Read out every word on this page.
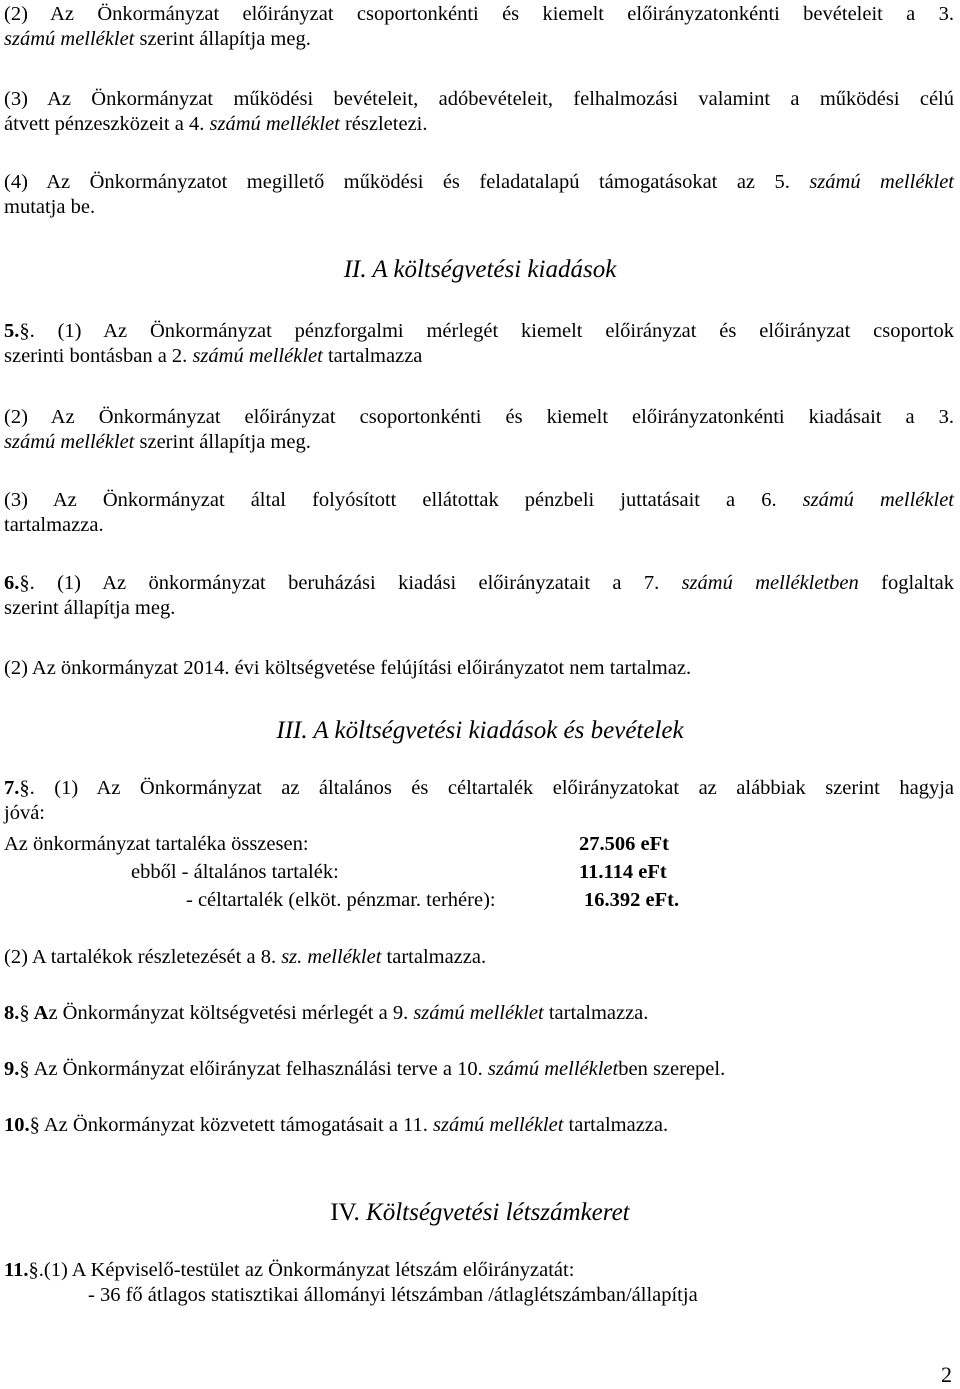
(2) Az Önkormányzat előirányzat csoportonkénti és kiemelt előirányzatonkénti bevételeit a 3.

számú melléklet szerint állapítja meg.

(3) Az Önkormányzat működési bevételeit, adóbevételeit, felhalmozási valamint a működési célú

átvett pénzeszközeit a 4. számú melléklet részletezi.

(4) Az Önkormányzatot megillető működési és feladatalapú támogatásokat az 5. számú melléklet

mutatja be.

II. A költségvetési kiadások

5.§. (1) Az Önkormányzat pénzforgalmi mérlegét kiemelt előirányzat és előirányzat csoportok

szerinti bontásban a 2. számú melléklet tartalmazza

(2) Az Önkormányzat előirányzat csoportonkénti és kiemelt előirányzatonkénti kiadásait a 3.

számú melléklet szerint állapítja meg.

(3) Az Önkormányzat által folyósított ellátottak pénzbeli juttatásait a 6. számú melléklet

tartalmazza.

6.§. (1) Az önkormányzat beruházási kiadási előirányzatait a 7. számú mellékletben foglaltak

szerint állapítja meg.

(2) Az önkormányzat 2014. évi költségvetése felújítási előirányzatot nem tartalmaz.

III. A költségvetési kiadások és bevételek

7.§. (1) Az Önkormányzat az általános és céltartalék előirányzatokat az alábbiak szerint hagyja

jóvá:

Az önkormányzat tartaléka összesen:	27.506 eFt
ebből - általános tartalék:	11.114 eFt
- céltartalék (elköt. pénzmar. terhére):	16.392 eFt.

(2) A tartalékok részletezését a 8. sz. melléklet tartalmazza.

8.§ Az Önkormányzat költségvetési mérlegét a 9. számú melléklet tartalmazza.

9.§ Az Önkormányzat előirányzat felhasználási terve a 10. számú mellékletben szerepel.

10.§ Az Önkormányzat közvetett támogatásait a 11. számú melléklet tartalmazza.

IV. Költségvetési létszámkeret

11.§.(1) A Képviselő-testület az Önkormányzat létszám előirányzatát:

- 36 fő átlagos statisztikai állományi létszámban /átlaglétszámban/állapítja

2
